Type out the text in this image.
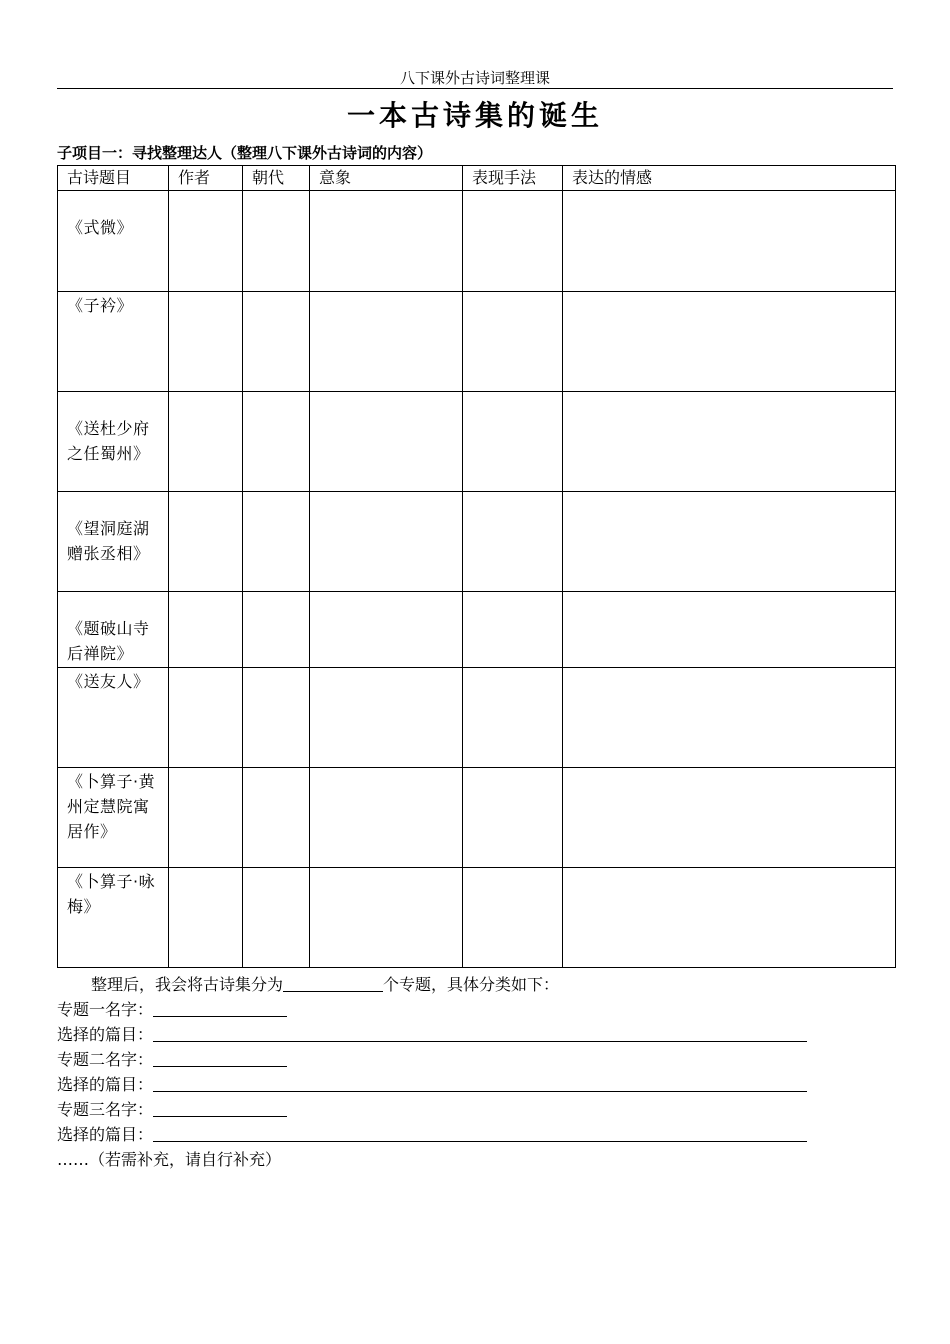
八下课外古诗词整理课
一本古诗集的诞生
子项目一：寻找整理达人（整理八下课外古诗词的内容）
古诗题目	作者	朝代	意象	表现手法	表达的情感
《式微》					
《子衿》					
《送杜少府之任蜀州》					
《望洞庭湖赠张丞相》					
《题破山寺后禅院》					
《送友人》					
《卜算子·黄州定慧院寓居作》					
《卜算子·咏梅》					
整理后，我会将古诗集分为	个专题，具体分类如下：
专题一名字：
选择的篇目：
专题二名字：
选择的篇目：
专题三名字：
选择的篇目：
……（若需补充，请自行补充）
